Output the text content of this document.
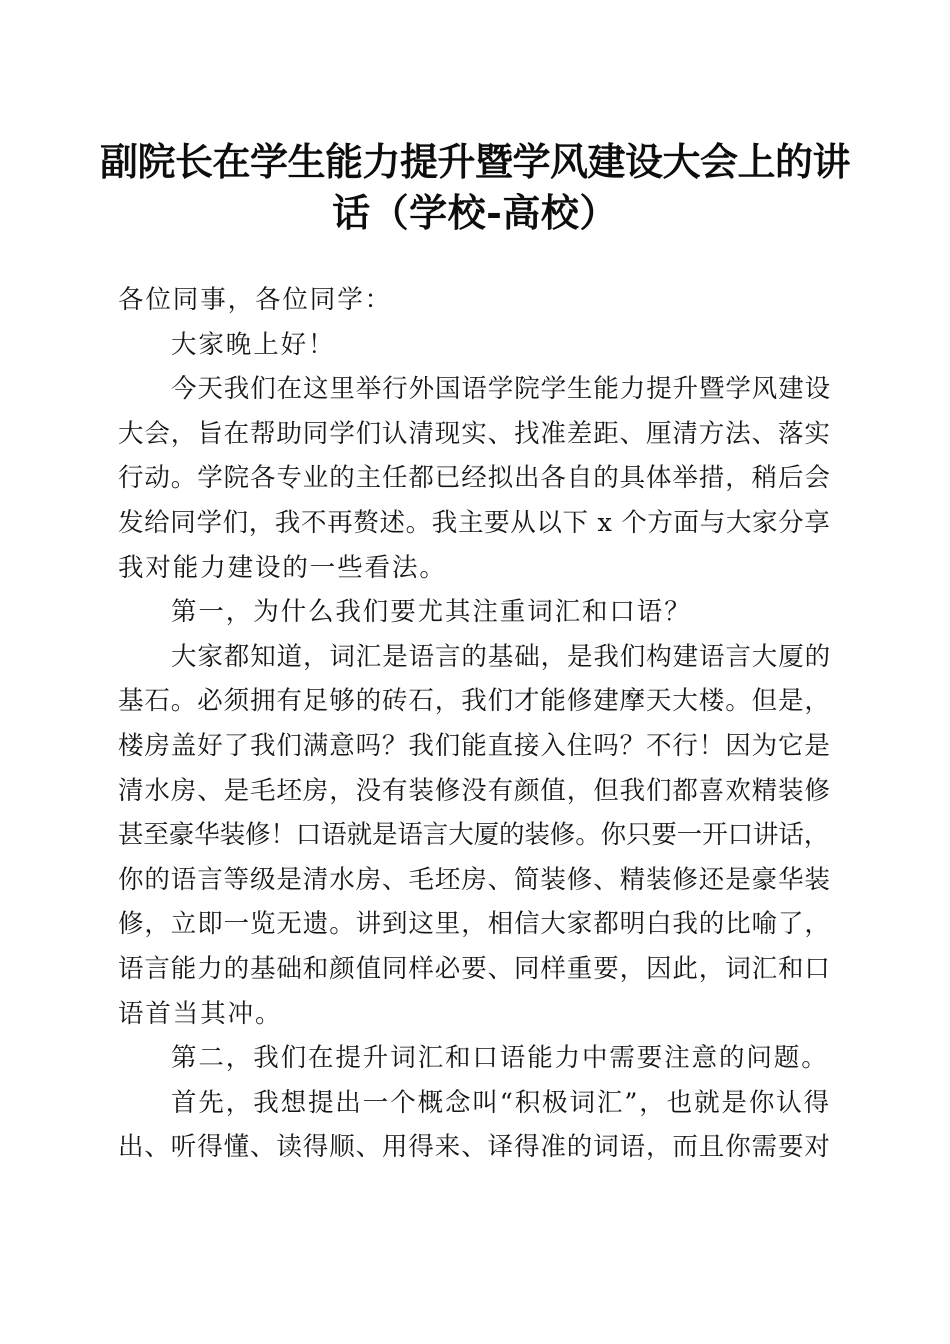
副院长在学生能力提升暨学风建设大会上的讲
话（学校-高校）

各位同事，各位同学：

大家晚上好！
今天我们在这里举行外国语学院学生能力提升暨学风建设
大会，旨在帮助同学们认清现实、找准差距、厘清方法、落实
行动。学院各专业的主任都已经拟出各自的具体举措，稍后会
发给同学们，我不再赘述。我主要从以下 x 个方面与大家分享
我对能力建设的一些看法。
第一，为什么我们要尤其注重词汇和口语？
大家都知道，词汇是语言的基础，是我们构建语言大厦的
基石。必须拥有足够的砖石，我们才能修建摩天大楼。但是，
楼房盖好了我们满意吗？我们能直接入住吗？不行！因为它是
清水房、是毛坯房，没有装修没有颜值，但我们都喜欢精装修
甚至豪华装修！口语就是语言大厦的装修。你只要一开口讲话，
你的语言等级是清水房、毛坯房、简装修、精装修还是豪华装
修，立即一览无遗。讲到这里，相信大家都明白我的比喻了，
语言能力的基础和颜值同样必要、同样重要，因此，词汇和口
语首当其冲。
第二，我们在提升词汇和口语能力中需要注意的问题。
首先，我想提出一个概念叫“积极词汇”，也就是你认得
出、听得懂、读得顺、用得来、译得准的词语，而且你需要对
